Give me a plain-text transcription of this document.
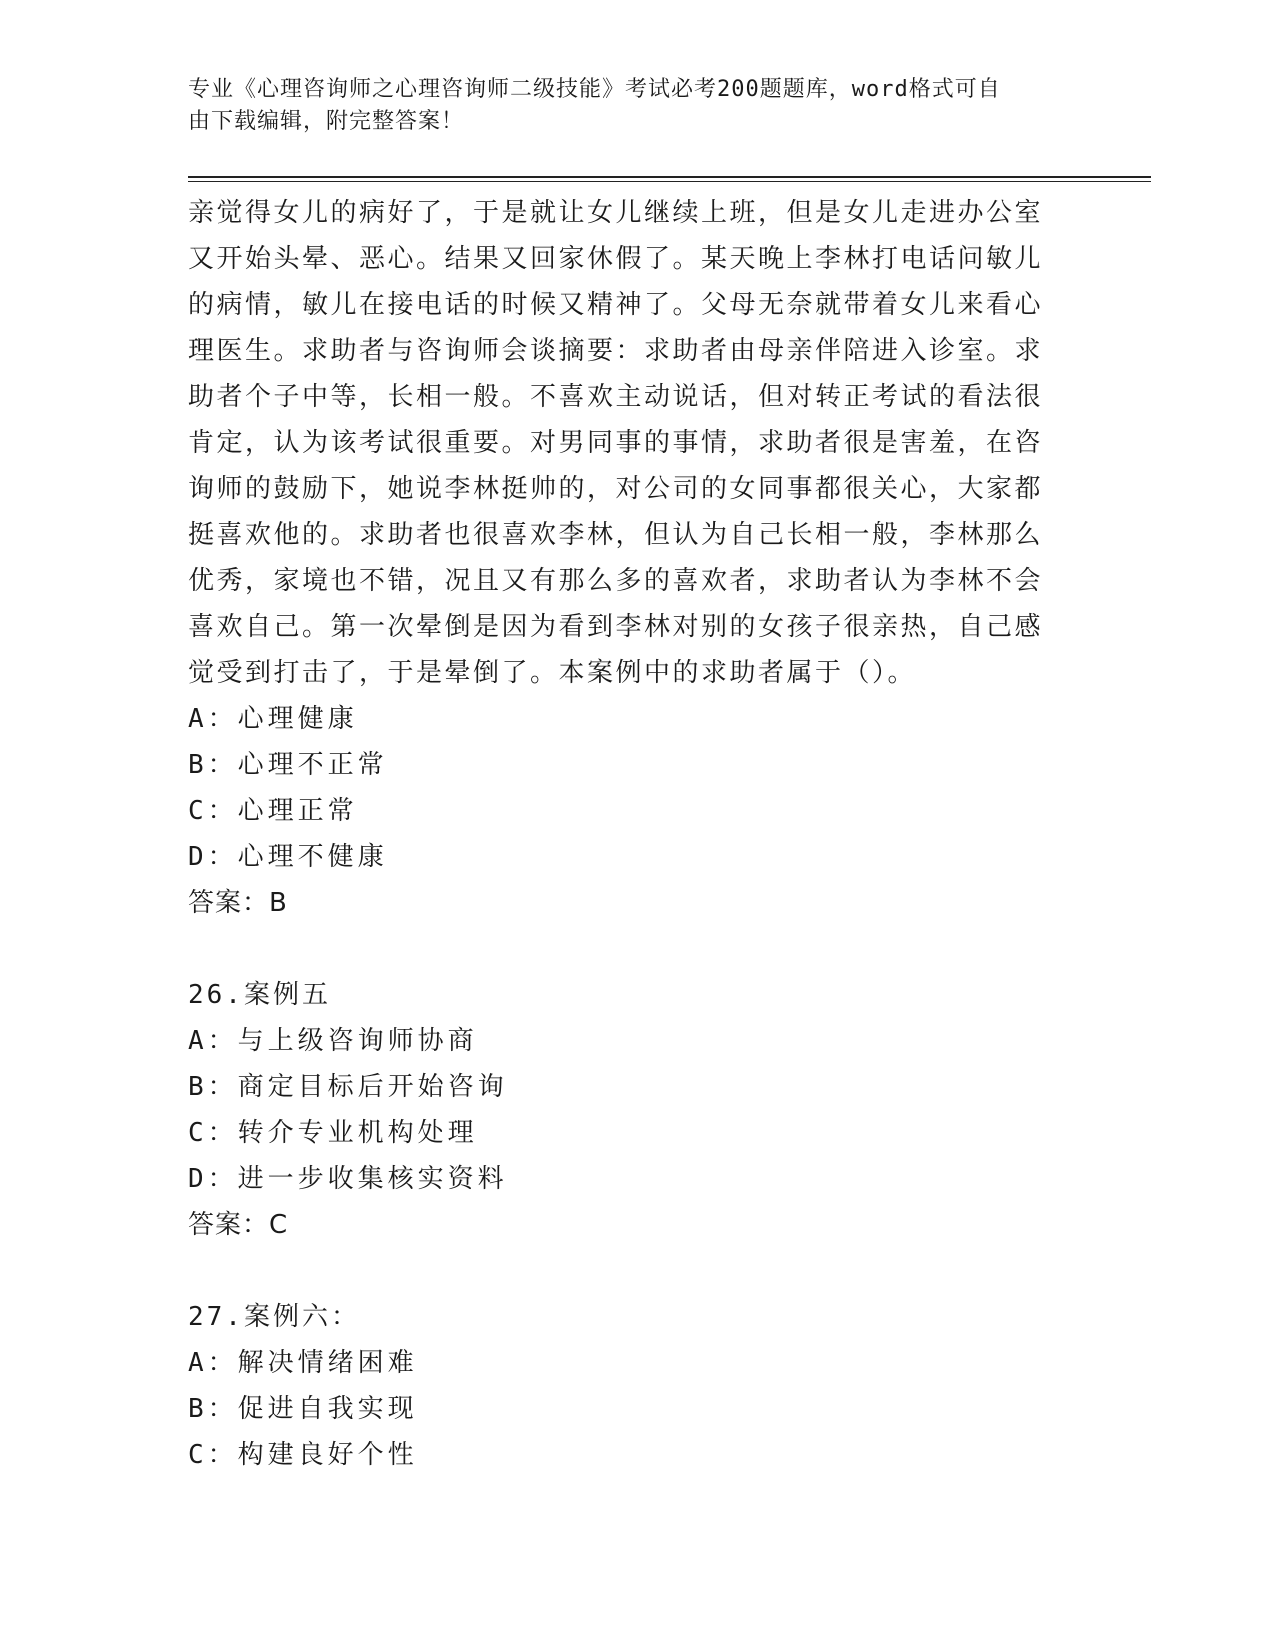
专业《心理咨询师之心理咨询师二级技能》考试必考200题题库，word格式可自
由下载编辑，附完整答案！
亲觉得女儿的病好了，于是就让女儿继续上班，但是女儿走进办公室
又开始头晕、恶心。结果又回家休假了。某天晚上李林打电话问敏儿
的病情，敏儿在接电话的时候又精神了。父母无奈就带着女儿来看心
理医生。求助者与咨询师会谈摘要：求助者由母亲伴陪进入诊室。求
助者个子中等，长相一般。不喜欢主动说话，但对转正考试的看法很
肯定，认为该考试很重要。对男同事的事情，求助者很是害羞，在咨
询师的鼓励下，她说李林挺帅的，对公司的女同事都很关心，大家都
挺喜欢他的。求助者也很喜欢李林，但认为自己长相一般，李林那么
优秀，家境也不错，况且又有那么多的喜欢者，求助者认为李林不会
喜欢自己。第一次晕倒是因为看到李林对别的女孩子很亲热，自己感
觉受到打击了，于是晕倒了。本案例中的求助者属于（）。
A：心理健康
B：心理不正常
C：心理正常
D：心理不健康
答案：B
26.案例五
A：与上级咨询师协商
B：商定目标后开始咨询
C：转介专业机构处理
D：进一步收集核实资料
答案：C
27.案例六：
A：解决情绪困难
B：促进自我实现
C：构建良好个性
